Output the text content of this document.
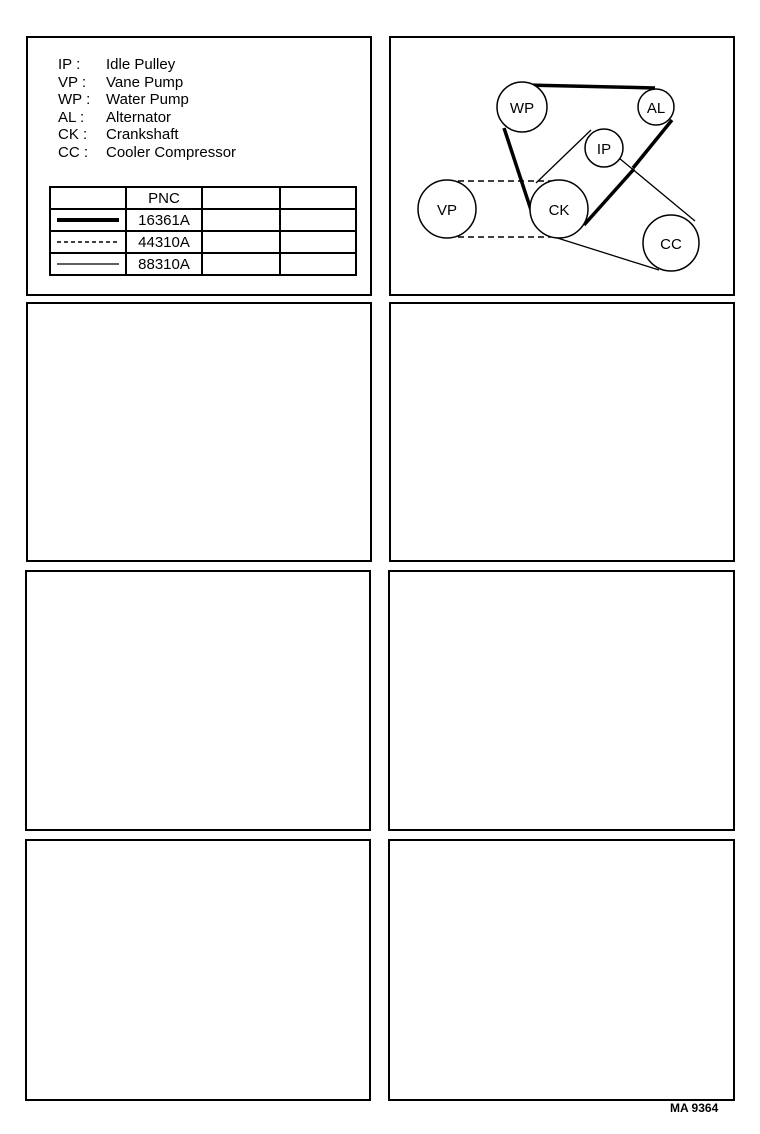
IP :	Idle Pulley
VP :	Vane Pump
WP :	Water Pump
AL :	Alternator
CK :	Crankshaft
CC :	Cooler Compressor
	PNC		

	16361A		

	44310A		

	88310A		
WP	AL
IP
VP	CK
CC
MA 9364
